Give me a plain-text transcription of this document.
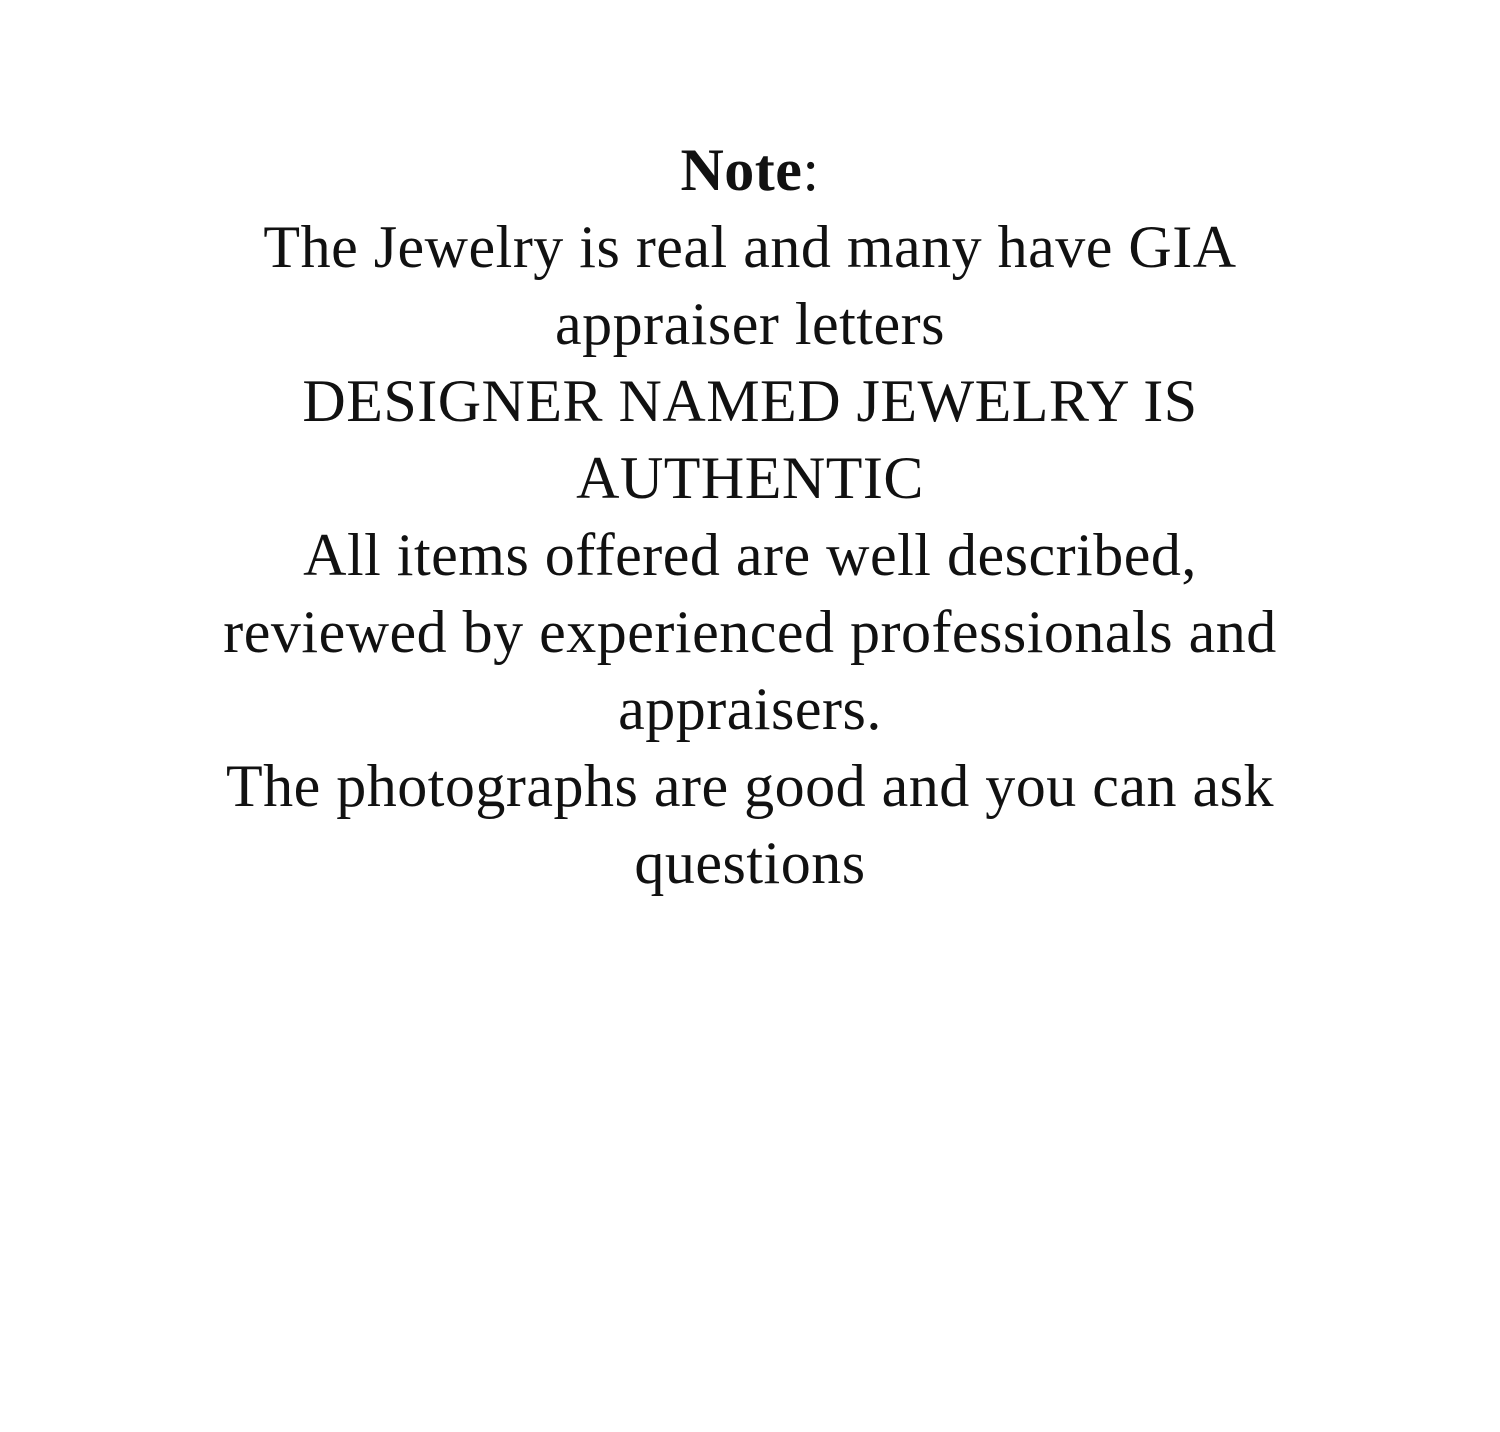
Note:
The Jewelry is real and many have GIA
appraiser letters
DESIGNER NAMED JEWELRY IS
AUTHENTIC
All items offered are well described,
reviewed by experienced professionals and
appraisers.
The photographs are good and you can ask
questions
